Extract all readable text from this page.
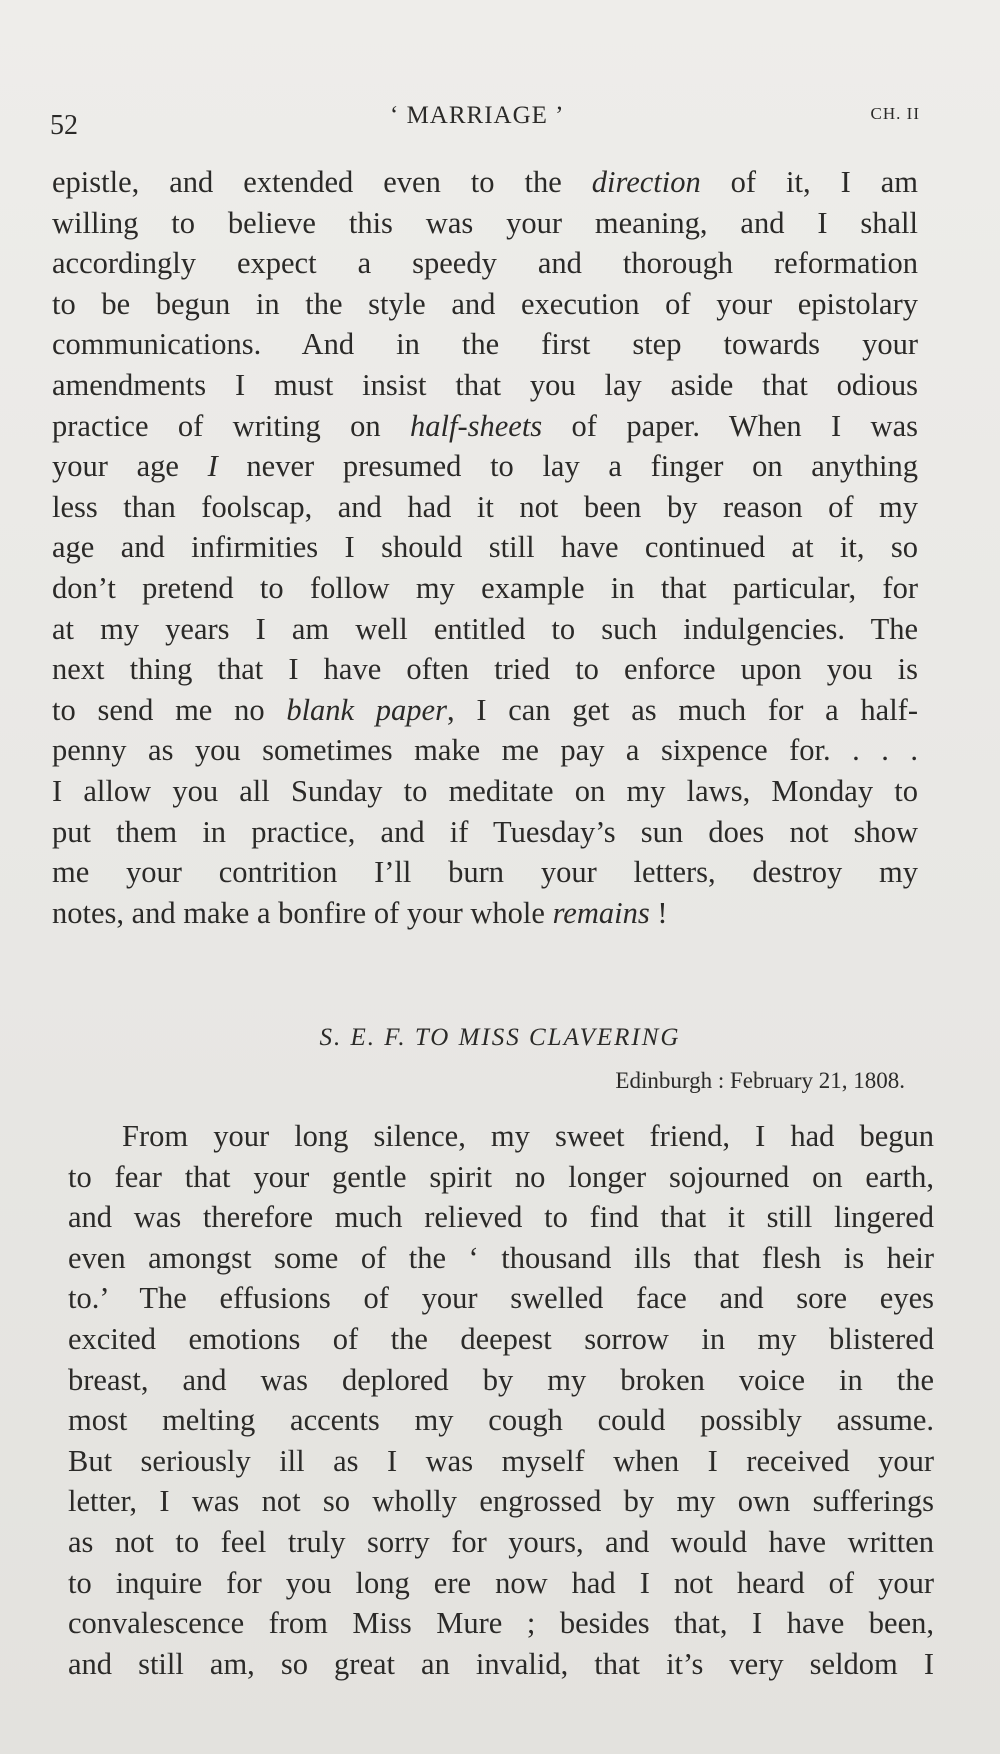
52	‘ MARRIAGE ’	CH. II
epistle, and extended even to the direction of it, I am
willing to believe this was your meaning, and I shall
accordingly expect a speedy and thorough reformation
to be begun in the style and execution of your epistolary
communications. And in the first step towards your
amendments I must insist that you lay aside that odious
practice of writing on half-sheets of paper. When I was
your age I never presumed to lay a finger on anything
less than foolscap, and had it not been by reason of my
age and infirmities I should still have continued at it, so
don’t pretend to follow my example in that particular, for
at my years I am well entitled to such indulgencies. The
next thing that I have often tried to enforce upon you is
to send me no blank paper, I can get as much for a half-
penny as you sometimes make me pay a sixpence for. . . .
I allow you all Sunday to meditate on my laws, Monday to
put them in practice, and if Tuesday’s sun does not show
me your contrition I’ll burn your letters, destroy my
notes, and make a bonfire of your whole remains !
S. E. F. TO MISS CLAVERING
Edinburgh : February 21, 1808.
From your long silence, my sweet friend, I had begun
to fear that your gentle spirit no longer sojourned on earth,
and was therefore much relieved to find that it still lingered
even amongst some of the ‘ thousand ills that flesh is heir
to.’ The effusions of your swelled face and sore eyes
excited emotions of the deepest sorrow in my blistered
breast, and was deplored by my broken voice in the
most melting accents my cough could possibly assume.
But seriously ill as I was myself when I received your
letter, I was not so wholly engrossed by my own sufferings
as not to feel truly sorry for yours, and would have written
to inquire for you long ere now had I not heard of your
convalescence from Miss Mure ; besides that, I have been,
and still am, so great an invalid, that it’s very seldom I
